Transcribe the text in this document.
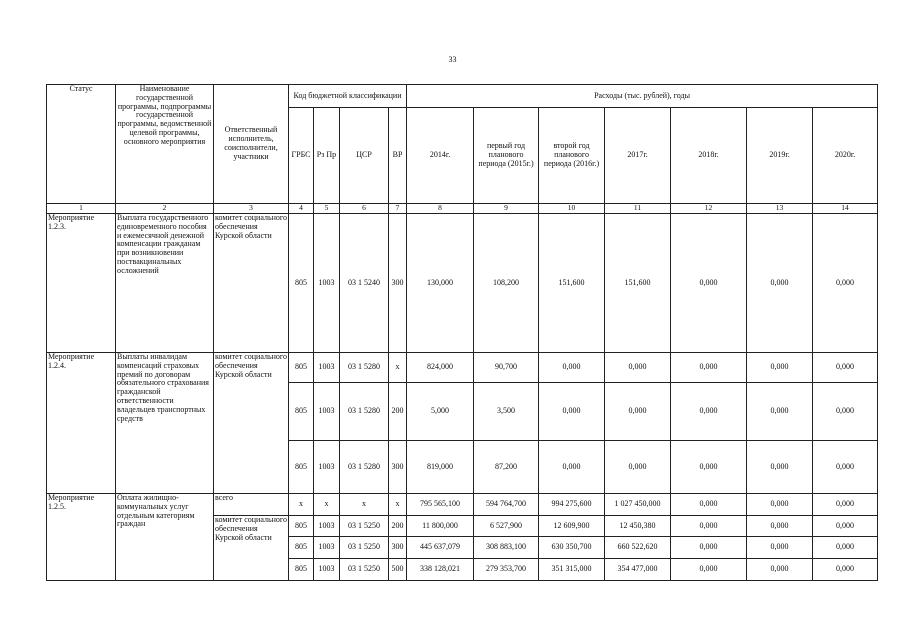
33
Статус	Наименование государственной программы, подпрограммы государственной программы, ведомственной целевой программы, основного мероприятия	Ответственный исполнитель, соисполнители, участники	Код бюджетной классификации				Расходы (тыс. рублей), годы						
			ГРБС	Рз Пр	ЦСР	ВР	2014г.	первый год планового периода (2015г.)	второй год планового периода (2016г.)	2017г.	2018г.	2019г.	2020г.
1	2	3	4	5	6	7	8	9	10	11	12	13	14
Мероприятие 1.2.3.	Выплата государственного единовременного пособия и ежемесячной денежной компенсации гражданам при возникновении поствакцинальных осложнений	комитет социального обеспечения Курской области	805	1003	03 1 5240	300	130,000	108,200	151,600	151,600	0,000	0,000	0,000
Мероприятие 1.2.4.	Выплаты инвалидам компенсаций страховых премий по договорам обязательного страхования гражданской ответственности владельцев транспортных средств	комитет социального обеспечения Курской области	805	1003	03 1 5280	х	824,000	90,700	0,000	0,000	0,000	0,000	0,000
			805	1003	03 1 5280	200	5,000	3,500	0,000	0,000	0,000	0,000	0,000
			805	1003	03 1 5280	300	819,000	87,200	0,000	0,000	0,000	0,000	0,000
Мероприятие 1.2.5.	Оплата жилищно-коммунальных услуг отдельным категориям граждан	всего	х	х	х	х	795 565,100	594 764,700	994 275,600	1 027 450,000	0,000	0,000	0,000
		комитет социального обеспечения Курской области	805	1003	03 1 5250	200	11 800,000	6 527,900	12 609,900	12 450,380	0,000	0,000	0,000
			805	1003	03 1 5250	300	445 637,079	308 883,100	630 350,700	660 522,620	0,000	0,000	0,000
			805	1003	03 1 5250	500	338 128,021	279 353,700	351 315,000	354 477,000	0,000	0,000	0,000
